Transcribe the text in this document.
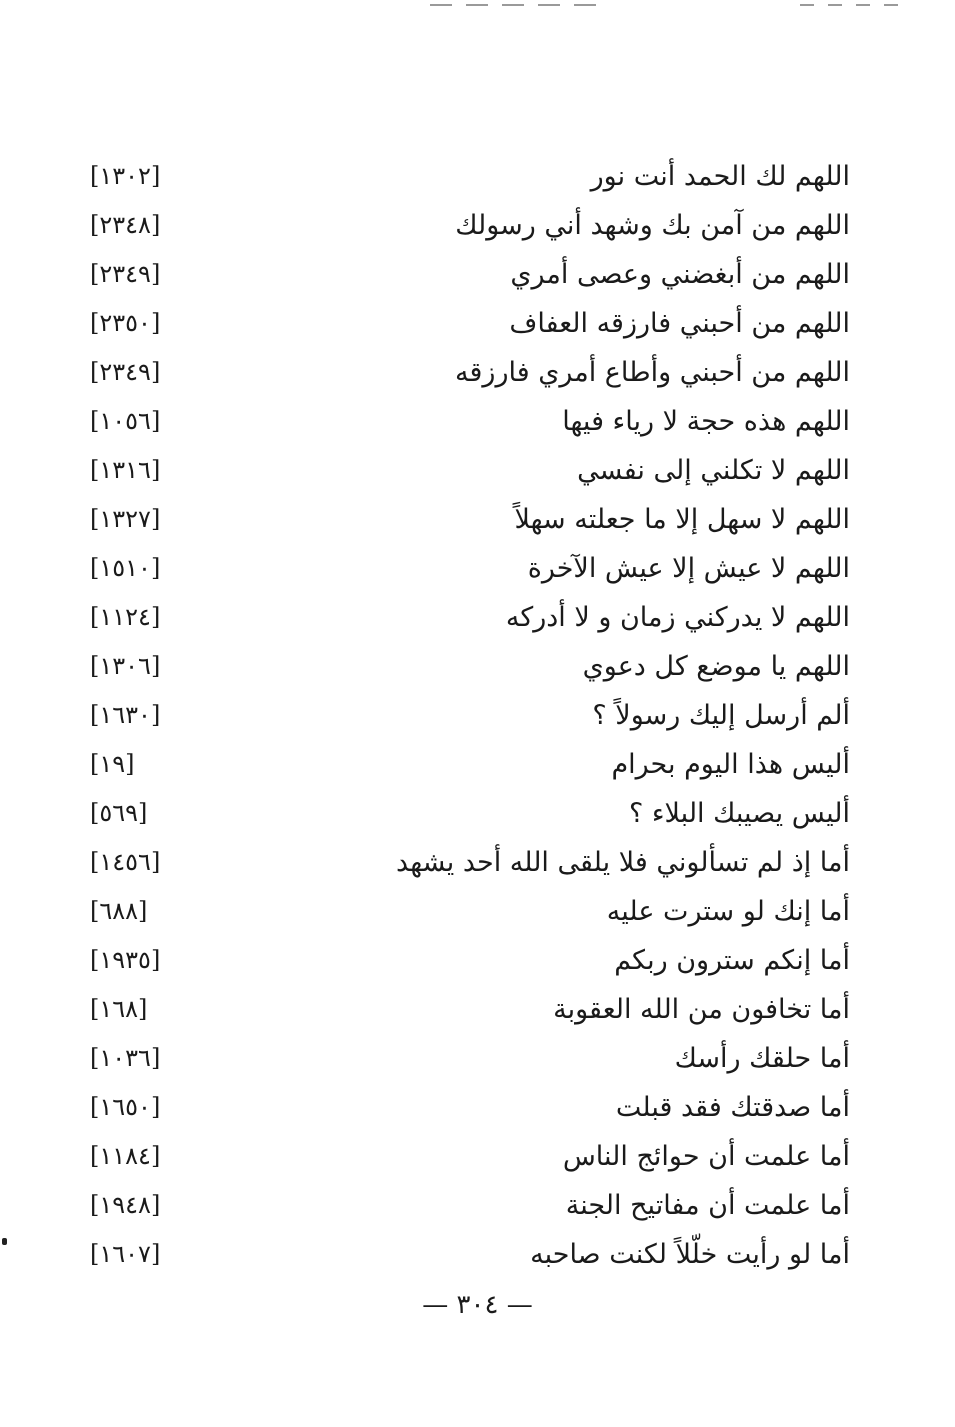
اللهم لك الحمد أنت نور
[١٣٠٢]
اللهم من آمن بك وشهد أني رسولك
[٢٣٤٨]
اللهم من أبغضني وعصى أمري
[٢٣٤٩]
اللهم من أحبني فارزقه العفاف
[٢٣٥٠]
اللهم من أحبني وأطاع أمري فارزقه
[٢٣٤٩]
اللهم هذه حجة لا رياء فيها
[١٠٥٦]
اللهم لا تكلني إلى نفسي
[١٣١٦]
اللهم لا سهل إلا ما جعلته سهلاً
[١٣٢٧]
اللهم لا عيش إلا عيش الآخرة
[١٥١٠]
اللهم لا يدركني زمان و لا أدركه
[١١٢٤]
اللهم يا موضع كل دعوي
[١٣٠٦]
ألم أرسل إليك رسولاً ؟
[١٦٣٠]
أليس هذا اليوم بحرام
[١٩]
أليس يصيبك البلاء ؟
[٥٦٩]
أما إذ لم تسألوني فلا يلقى الله أحد يشهد
[١٤٥٦]
أما إنك لو سترت عليه
[٦٨٨]
أما إنكم سترون ربكم
[١٩٣٥]
أما تخافون من الله العقوبة
[١٦٨]
أما حلقك رأسك
[١٠٣٦]
أما صدقتك فقد قبلت
[١٦٥٠]
أما علمت أن حوائج الناس
[١١٨٤]
أما علمت أن مفاتيح الجنة
[١٩٤٨]
أما لو رأيت خلّلاً لكنت صاحبه
[١٦٠٧]
— ٣٠٤ —
